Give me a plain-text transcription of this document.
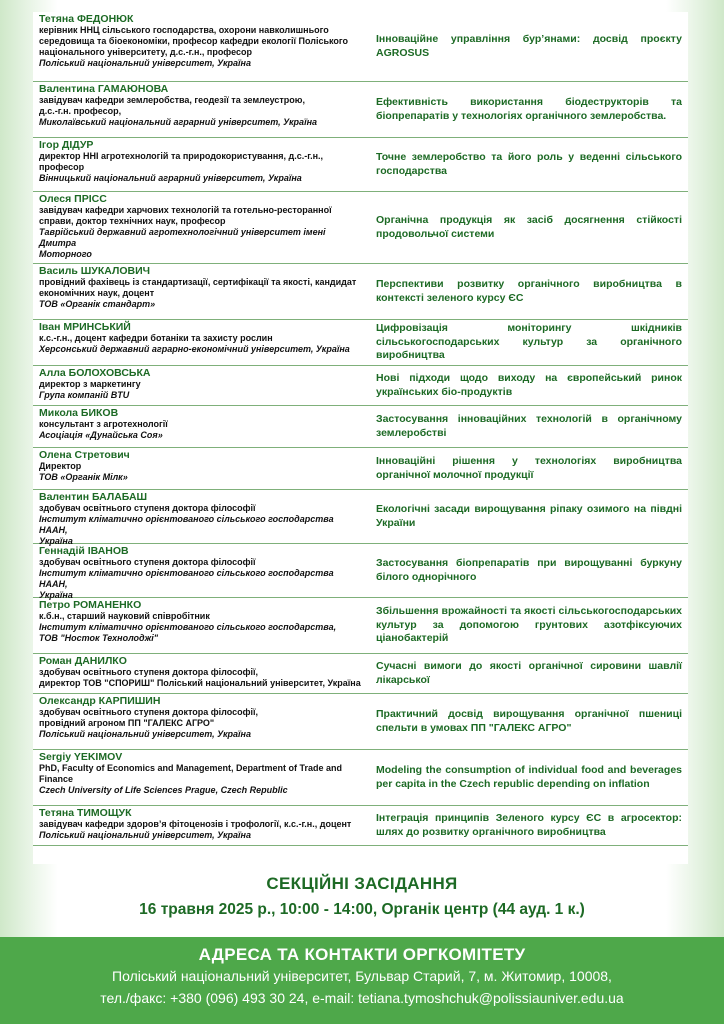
Тетяна ФЕДОНЮК
керівник ННЦ сільського господарства, охорони навколишнього
середовища та біоекономіки, професор кафедри екології Поліського
національного університету, д.с.-г.н., професор
Поліський національний університет, Україна
Інноваційне управління бур’янами: досвід проєкту AGROSUS
Валентина ГАМАЮНОВА
завідувач кафедри землеробства, геодезії та землеустрою,
д.с.-г.н. професор,
Миколаївський національний аграрний університет, Україна
Ефективність використання біодеструкторів та біопрепаратів у технологіях органічного землеробства.
Ігор ДІДУР
директор ННІ агротехнологій та природокористування, д.с.-г.н.,
професор
Вінницький національний аграрний університет, Україна
Точне землеробство та його роль у веденні сільського господарства
Олеся ПРІСС
завідувач кафедри харчових технологій та готельно-ресторанної
справи, доктор технічних наук, професор
Таврійський державний агротехнологічний університет імені Дмитра
Моторного
Органічна продукція як засіб досягнення стійкості продовольчої системи
Василь ШУКАЛОВИЧ
провідний фахівець із стандартизації, сертифікації та якості, кандидат
економічних наук, доцент
ТОВ «Органік стандарт»
Перспективи розвитку органічного виробництва в контексті зеленого курсу ЄС
Іван МРИНСЬКИЙ
к.с.-г.н., доцент кафедри ботаніки та захисту рослин
Херсонський державний аграрно-економічний університет, Україна
Цифровізація моніторингу шкідників сільськогосподарських культур за органічного виробництва
Алла БОЛОХОВСЬКА
директор з маркетингу
Група компаній BTU
Нові підходи щодо виходу на європейський ринок українських біо-продуктів
Микола БИКОВ
консультант з агротехнології
Асоціація «Дунайська Соя»
Застосування інноваційних технологій в органічному землеробстві
Олена Стретович
Директор
ТОВ «Органік Мілк»
Інноваційні рішення у технологіях виробництва органічної молочної продукції
Валентин БАЛАБАШ
здобувач освітнього ступеня доктора філософії
Інститут кліматично орієнтованого сільського господарства НААН,
Україна
Екологічні засади вирощування ріпаку озимого на півдні України
Геннадій ІВАНОВ
здобувач освітнього ступеня доктора філософії
Інститут кліматично орієнтованого сільського господарства НААН,
Україна
Застосування біопрепаратів при вирощуванні буркуну білого однорічного
Петро РОМАНЕНКО
к.б.н., старший науковий співробітник
Інститут кліматично орієнтованого сільського господарства,
ТОВ "Носток Технолоджі"
Збільшення врожайності та якості сільськогосподарських культур за допомогою грунтових азотфіксуючих ціанобактерій
Роман ДАНИЛКО
здобувач освітнього ступеня доктора філософії,
директор ТОВ "СПОРИШ" Поліський національний університет, Україна
Сучасні вимоги до якості органічної сировини шавлії лікарської
Олександр КАРПИШИН
здобувач освітнього ступеня доктора філософії,
провідний агроном ПП "ГАЛЕКС АГРО"
Поліський національний університет, Україна
Практичний досвід вирощування органічної пшениці спельти в умовах ПП "ГАЛЕКС АГРО"
Sergiy YEKIMOV
PhD, Faculty of Economics and Management, Department of Trade and
Finance
Czech University of Life Sciences Prague, Czech Republic
Modeling the consumption of individual food and beverages per capita in the Czech republic depending on inflation
Тетяна ТИМОЩУК
завідувач кафедри здоров’я фітоценозів і трофології, к.с.-г.н., доцент
Поліський національний університет, Україна
Інтеграція принципів Зеленого курсу ЄС в агросектор: шлях до розвитку органічного виробництва
СЕКЦІЙНІ ЗАСІДАННЯ
16 травня 2025 р., 10:00 - 14:00, Органік центр (44 ауд. 1 к.)
АДРЕСА ТА КОНТАКТИ ОРГКОМІТЕТУ
Поліський національний університет, Бульвар Старий, 7, м. Житомир, 10008,
тел./факс: +380 (096) 493 30 24, e-mail: tetiana.tymoshchuk@polissiauniver.edu.ua
